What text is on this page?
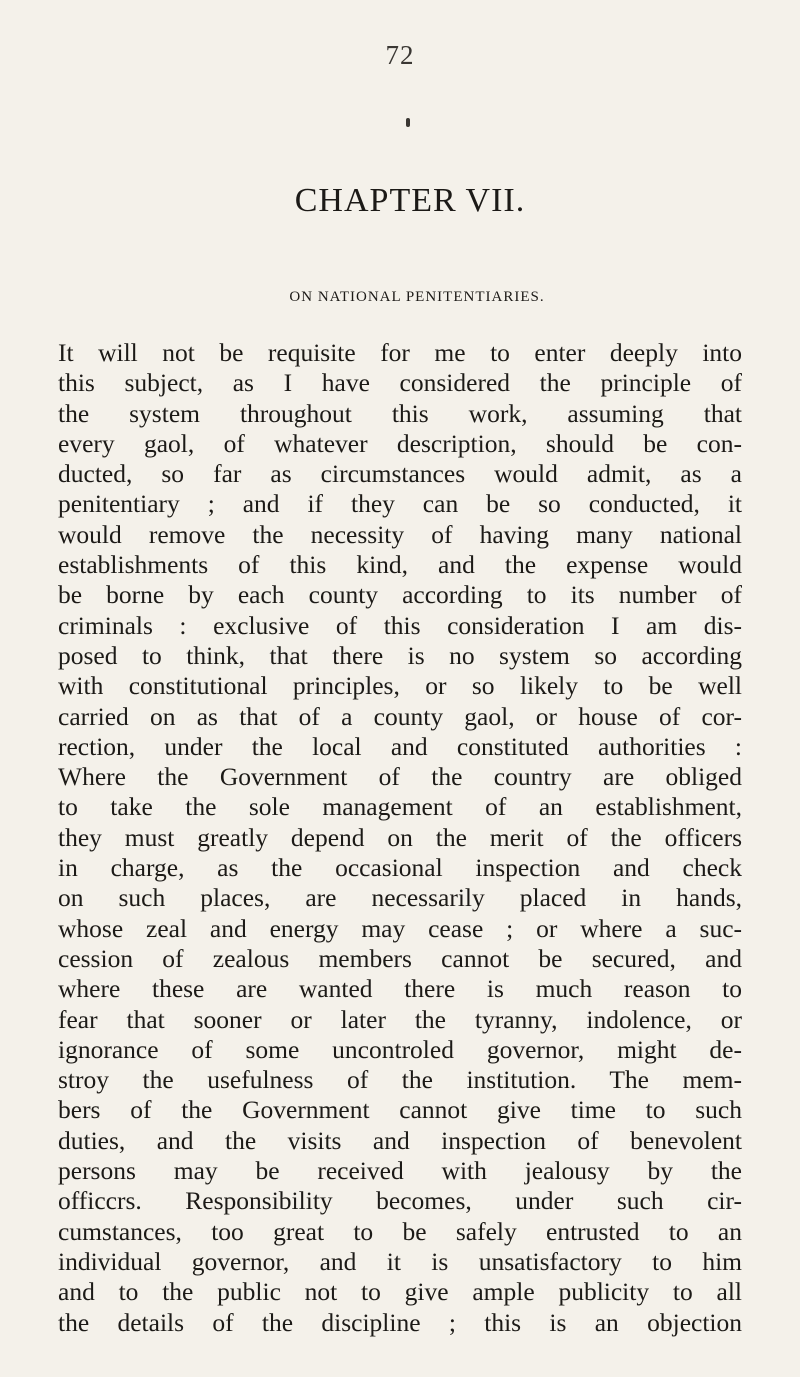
72
CHAPTER VII.
ON NATIONAL PENITENTIARIES.
It will not be requisite for me to enter deeply into
this subject, as I have considered the principle of
the system throughout this work, assuming that
every gaol, of whatever description, should be con-
ducted, so far as circumstances would admit, as a
penitentiary ; and if they can be so conducted, it
would remove the necessity of having many national
establishments of this kind, and the expense would
be borne by each county according to its number of
criminals : exclusive of this consideration I am dis-
posed to think, that there is no system so according
with constitutional principles, or so likely to be well
carried on as that of a county gaol, or house of cor-
rection, under the local and constituted authorities :
Where the Government of the country are obliged
to take the sole management of an establishment,
they must greatly depend on the merit of the officers
in charge, as the occasional inspection and check
on such places, are necessarily placed in hands,
whose zeal and energy may cease ; or where a suc-
cession of zealous members cannot be secured, and
where these are wanted there is much reason to
fear that sooner or later the tyranny, indolence, or
ignorance of some uncontroled governor, might de-
stroy the usefulness of the institution. The mem-
bers of the Government cannot give time to such
duties, and the visits and inspection of benevolent
persons may be received with jealousy by the
officcrs. Responsibility becomes, under such cir-
cumstances, too great to be safely entrusted to an
individual governor, and it is unsatisfactory to him
and to the public not to give ample publicity to all
the details of the discipline ; this is an objection
